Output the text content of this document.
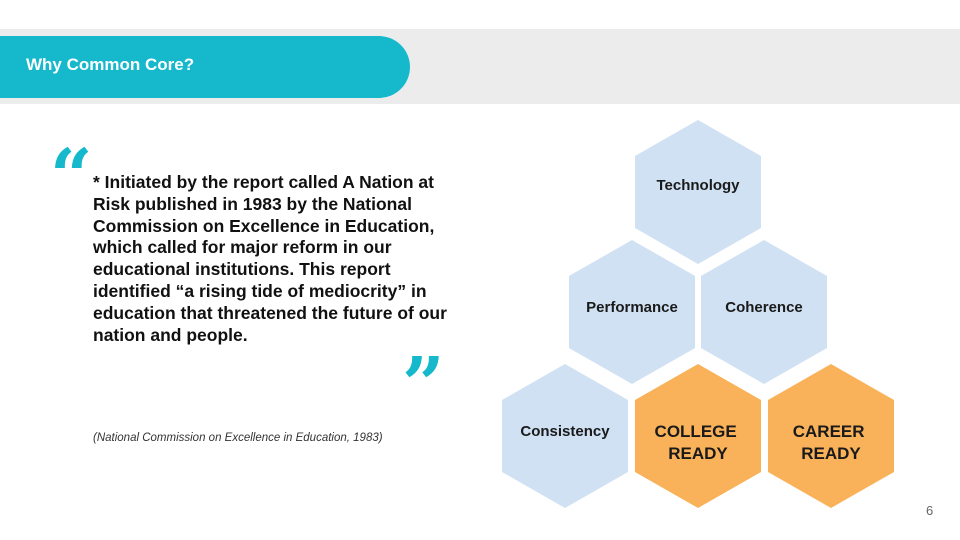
Why Common Core?
“ * Initiated by the report called A Nation at Risk published in 1983 by the National Commission on Excellence in Education, which called for major reform in our educational institutions. This report identified “a rising tide of mediocrity” in education that threatened the future of our nation and people.
”
(National Commission on Excellence in Education, 1983)
Technology
Performance	Coherence
Consistency	COLLEGE READY
CAREER READY
6
